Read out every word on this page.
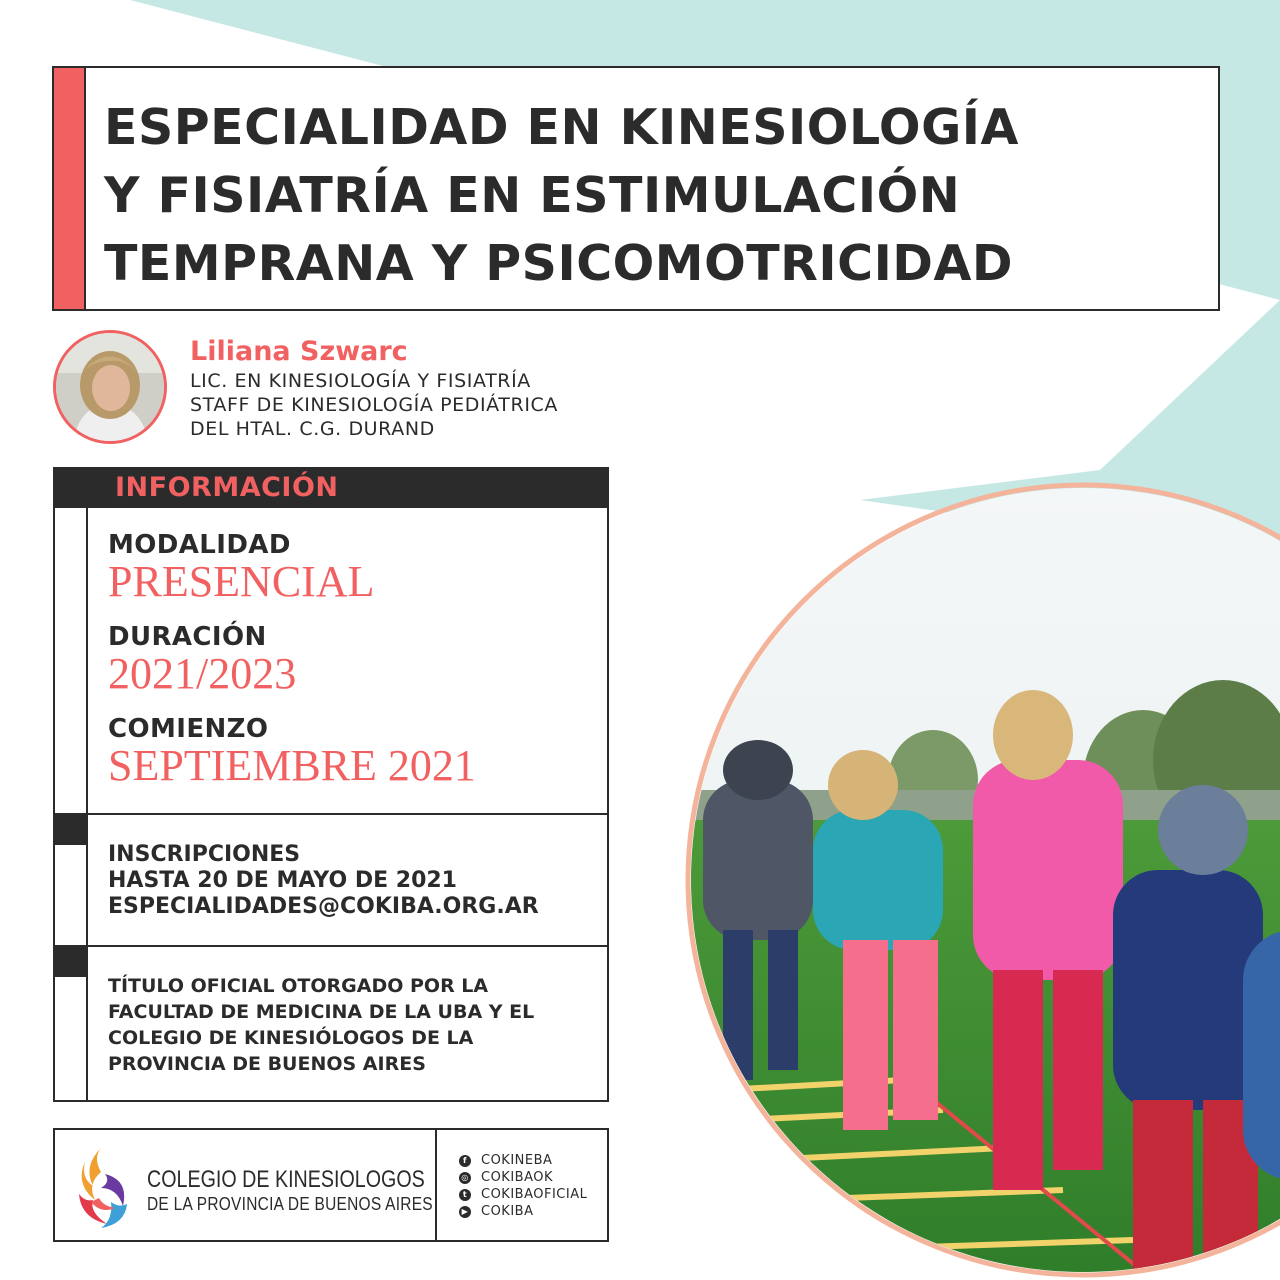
ESPECIALIDAD EN KINESIOLOGÍA
Y FISIATRÍA EN ESTIMULACIÓN
TEMPRANA Y PSICOMOTRICIDAD
Liliana Szwarc
LIC. EN KINESIOLOGÍA Y FISIATRÍA
STAFF DE KINESIOLOGÍA PEDIÁTRICA
DEL HTAL. C.G. DURAND
INFORMACIÓN
MODALIDAD
PRESENCIAL
DURACIÓN
2021/2023
COMIENZO
SEPTIEMBRE 2021
INSCRIPCIONES
HASTA 20 DE MAYO DE 2021
ESPECIALIDADES@COKIBA.ORG.AR
TÍTULO OFICIAL OTORGADO POR LA
FACULTAD DE MEDICINA DE LA UBA Y EL
COLEGIO DE KINESIÓLOGOS DE LA
PROVINCIA DE BUENOS AIRES
COLEGIO DE KINESIOLOGOS
DE LA PROVINCIA DE BUENOS AIRES
f COKINEBA
◎ COKIBAOK
t COKIBAOFICIAL
▶ COKIBA
